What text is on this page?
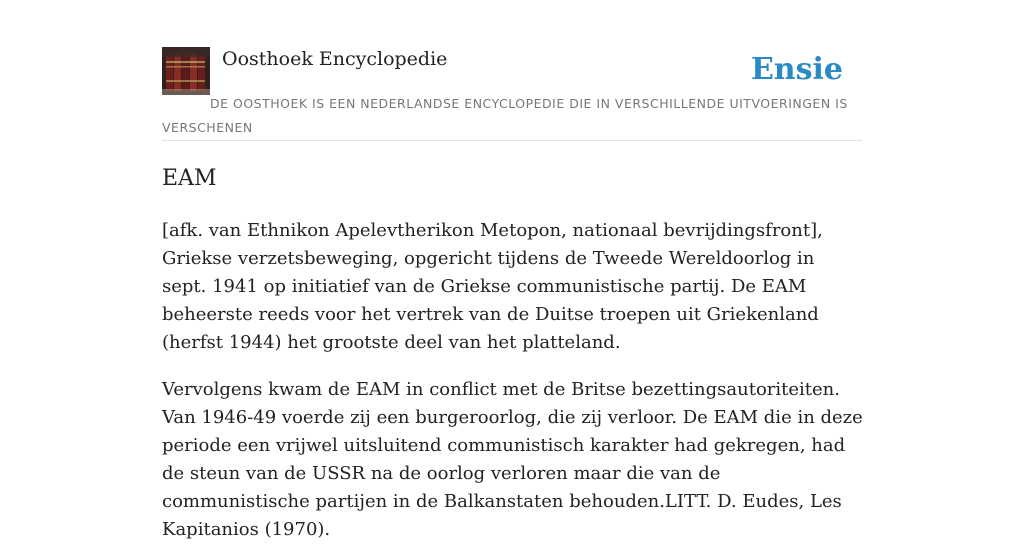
Oosthoek Encyclopedie	Ensie
DE OOSTHOEK IS EEN NEDERLANDSE ENCYCLOPEDIE DIE IN VERSCHILLENDE UITVOERINGEN IS VERSCHENEN
EAM

[afk. van Ethnikon Apelevtherikon Metopon, nationaal bevrijdingsfront], Griekse verzetsbeweging, opgericht tijdens de Tweede Wereldoorlog in sept. 1941 op initiatief van de Griekse communistische partij. De EAM beheerste reeds voor het vertrek van de Duitse troepen uit Griekenland (herfst 1944) het grootste deel van het platteland.

Vervolgens kwam de EAM in conflict met de Britse bezettingsautoriteiten. Van 1946-49 voerde zij een burgeroorlog, die zij verloor. De EAM die in deze periode een vrijwel uitsluitend communistisch karakter had gekregen, had de steun van de USSR na de oorlog verloren maar die van de communistische partijen in de Balkanstaten behouden.LITT. D. Eudes, Les Kapitanios (1970).
